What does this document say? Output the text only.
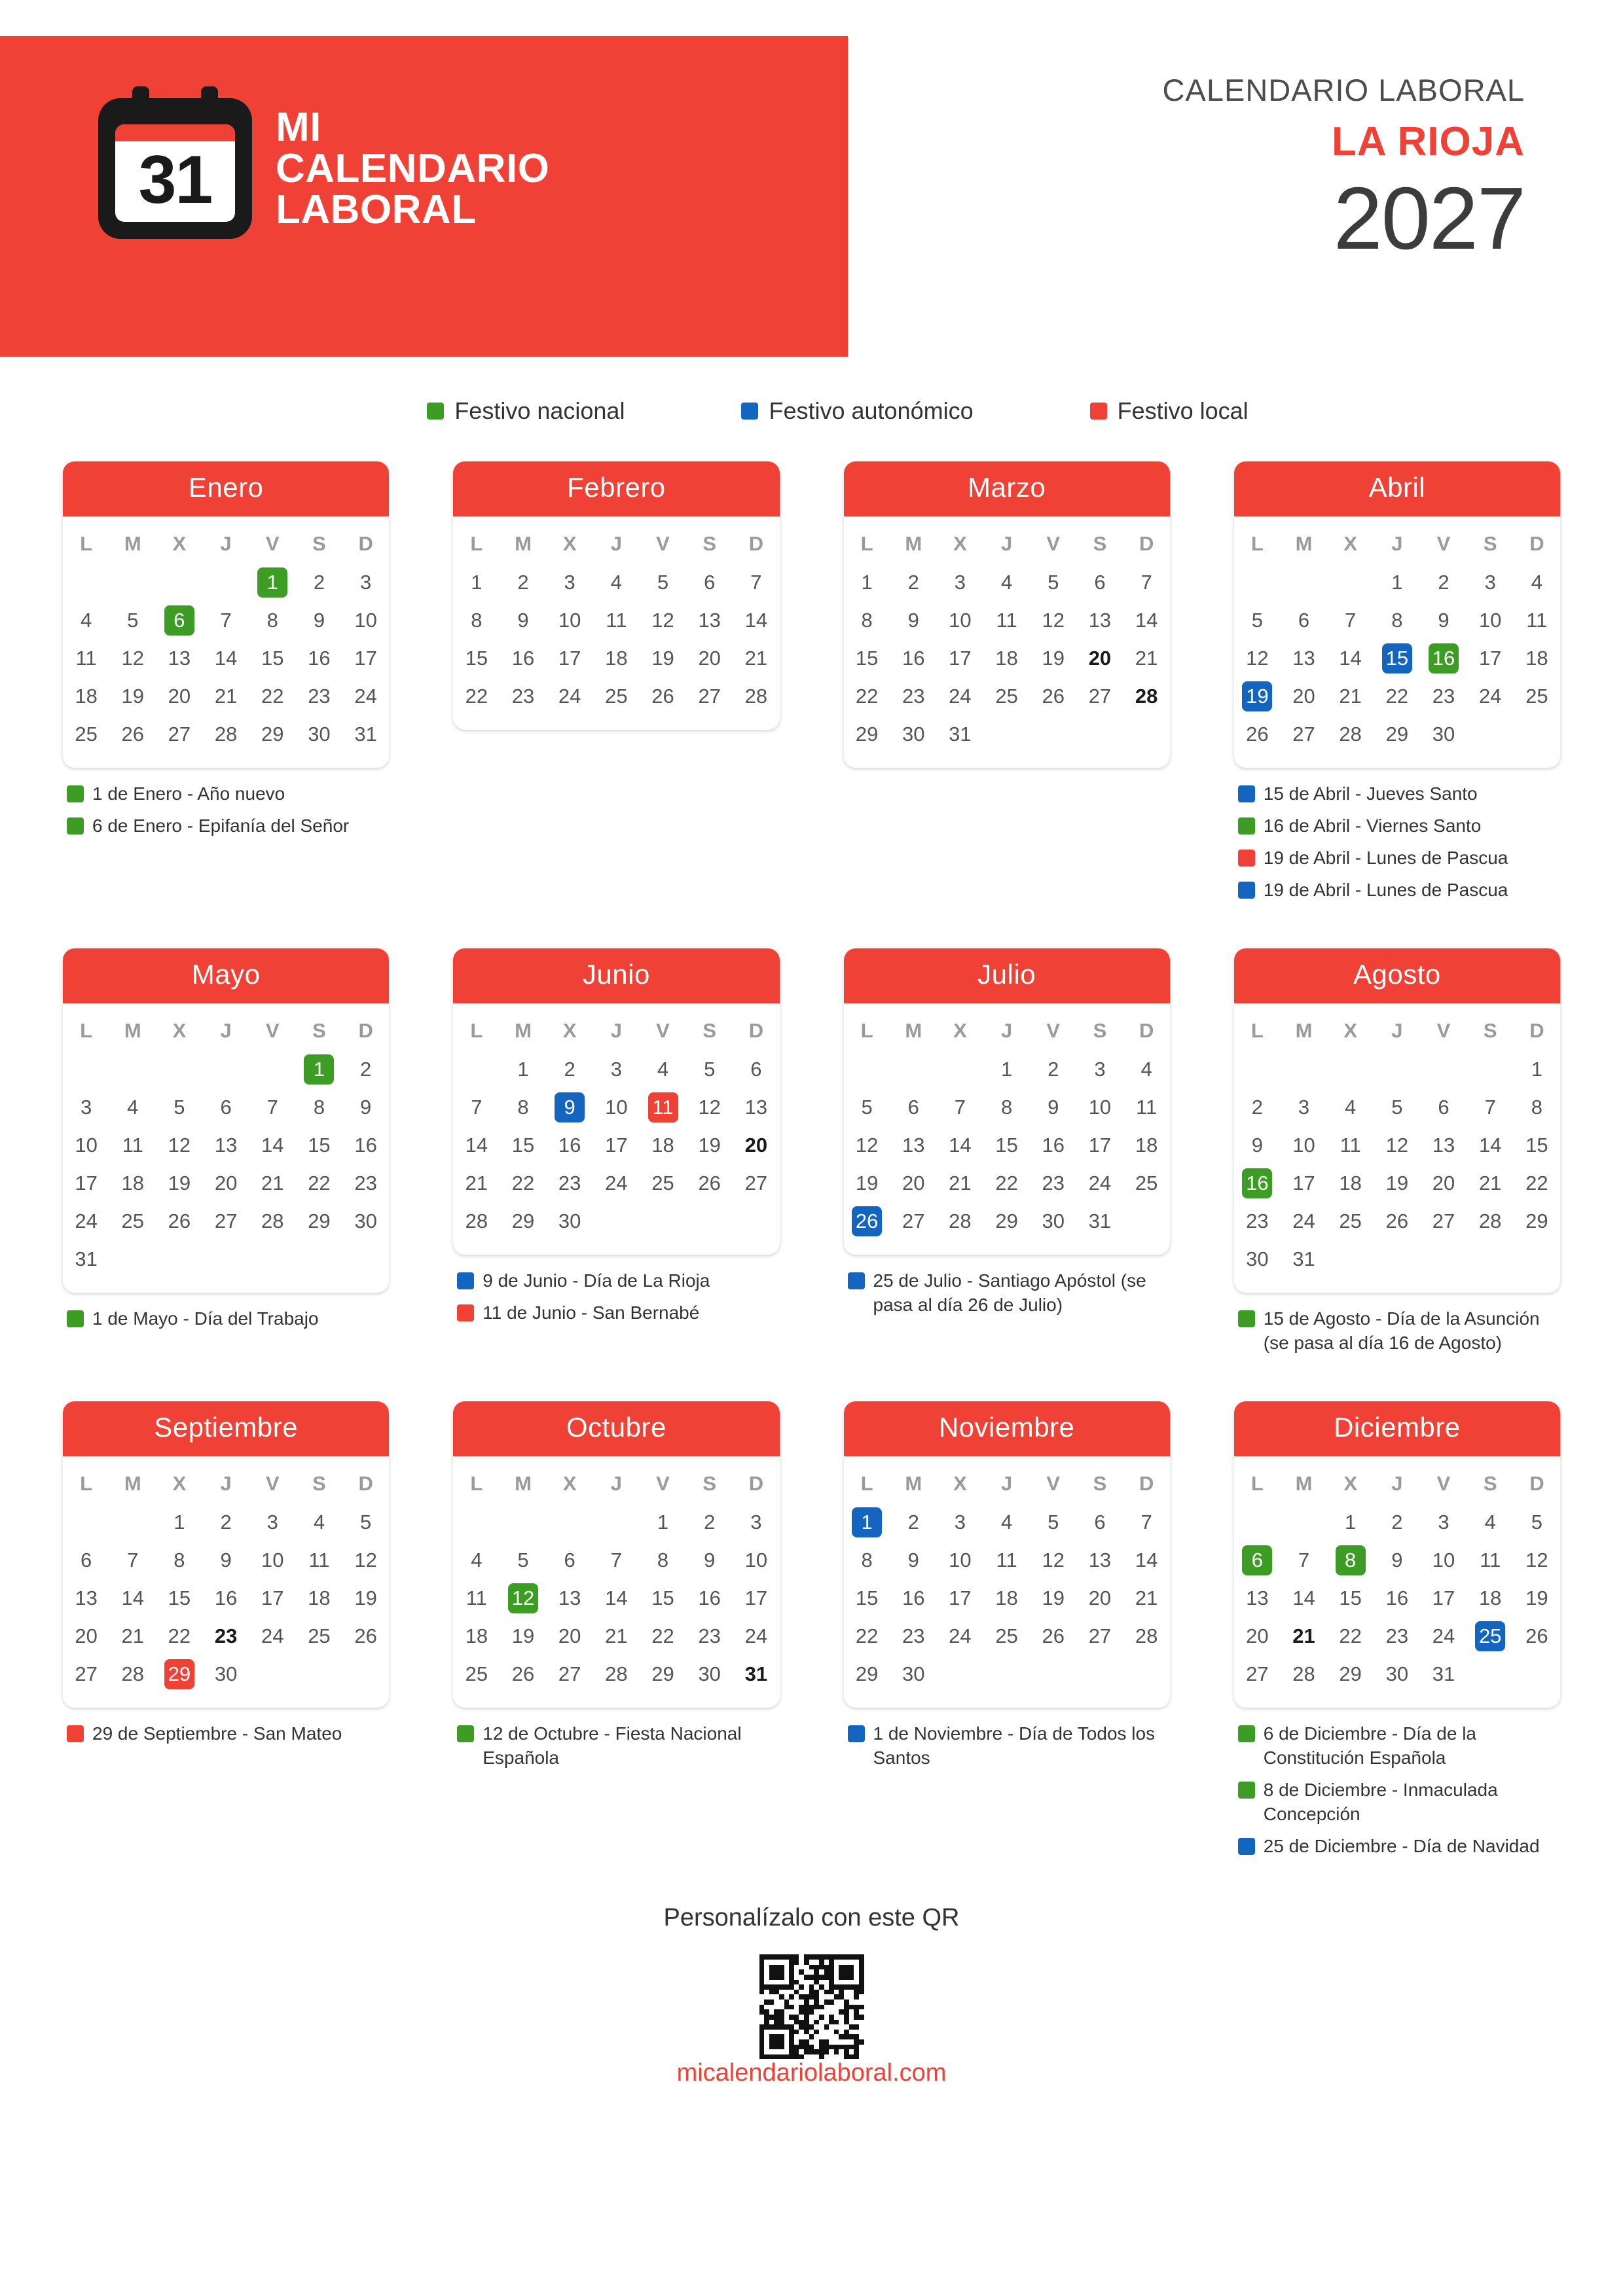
31
MI
CALENDARIO
LABORAL
CALENDARIO LABORAL
LA RIOJA
2027
Festivo nacional	Festivo autonómico	Festivo local
Enero
L	M	X	J	V	S	D
				1	2	3
4	5	6	7	8	9	10
11	12	13	14	15	16	17
18	19	20	21	22	23	24
25	26	27	28	29	30	31
1 de Enero - Año nuevo
6 de Enero - Epifanía del Señor
Febrero
L	M	X	J	V	S	D
1	2	3	4	5	6	7
8	9	10	11	12	13	14
15	16	17	18	19	20	21
22	23	24	25	26	27	28
Marzo
L	M	X	J	V	S	D
1	2	3	4	5	6	7
8	9	10	11	12	13	14
15	16	17	18	19	20	21
22	23	24	25	26	27	28
29	30	31				
Abril
L	M	X	J	V	S	D
			1	2	3	4
5	6	7	8	9	10	11
12	13	14	15	16	17	18
19	20	21	22	23	24	25
26	27	28	29	30		
15 de Abril - Jueves Santo
16 de Abril - Viernes Santo
19 de Abril - Lunes de Pascua
19 de Abril - Lunes de Pascua
Mayo
L	M	X	J	V	S	D
					1	2
3	4	5	6	7	8	9
10	11	12	13	14	15	16
17	18	19	20	21	22	23
24	25	26	27	28	29	30
31						
1 de Mayo - Día del Trabajo
Junio
L	M	X	J	V	S	D
	1	2	3	4	5	6
7	8	9	10	11	12	13
14	15	16	17	18	19	20
21	22	23	24	25	26	27
28	29	30				
9 de Junio - Día de La Rioja
11 de Junio - San Bernabé
Julio
L	M	X	J	V	S	D
			1	2	3	4
5	6	7	8	9	10	11
12	13	14	15	16	17	18
19	20	21	22	23	24	25
26	27	28	29	30	31	
25 de Julio - Santiago Apóstol (se pasa al día 26 de Julio)
Agosto
L	M	X	J	V	S	D
						1
2	3	4	5	6	7	8
9	10	11	12	13	14	15
16	17	18	19	20	21	22
23	24	25	26	27	28	29
30	31					
15 de Agosto - Día de la Asunción (se pasa al día 16 de Agosto)
Septiembre
L	M	X	J	V	S	D
		1	2	3	4	5
6	7	8	9	10	11	12
13	14	15	16	17	18	19
20	21	22	23	24	25	26
27	28	29	30			
29 de Septiembre - San Mateo
Octubre
L	M	X	J	V	S	D
				1	2	3
4	5	6	7	8	9	10
11	12	13	14	15	16	17
18	19	20	21	22	23	24
25	26	27	28	29	30	31
12 de Octubre - Fiesta Nacional Española
Noviembre
L	M	X	J	V	S	D
1	2	3	4	5	6	7
8	9	10	11	12	13	14
15	16	17	18	19	20	21
22	23	24	25	26	27	28
29	30					
1 de Noviembre - Día de Todos los Santos
Diciembre
L	M	X	J	V	S	D
		1	2	3	4	5
6	7	8	9	10	11	12
13	14	15	16	17	18	19
20	21	22	23	24	25	26
27	28	29	30	31		
6 de Diciembre - Día de la Constitución Española
8 de Diciembre - Inmaculada Concepción
25 de Diciembre - Día de Navidad
Personalízalo con este QR
micalendariolaboral.com
